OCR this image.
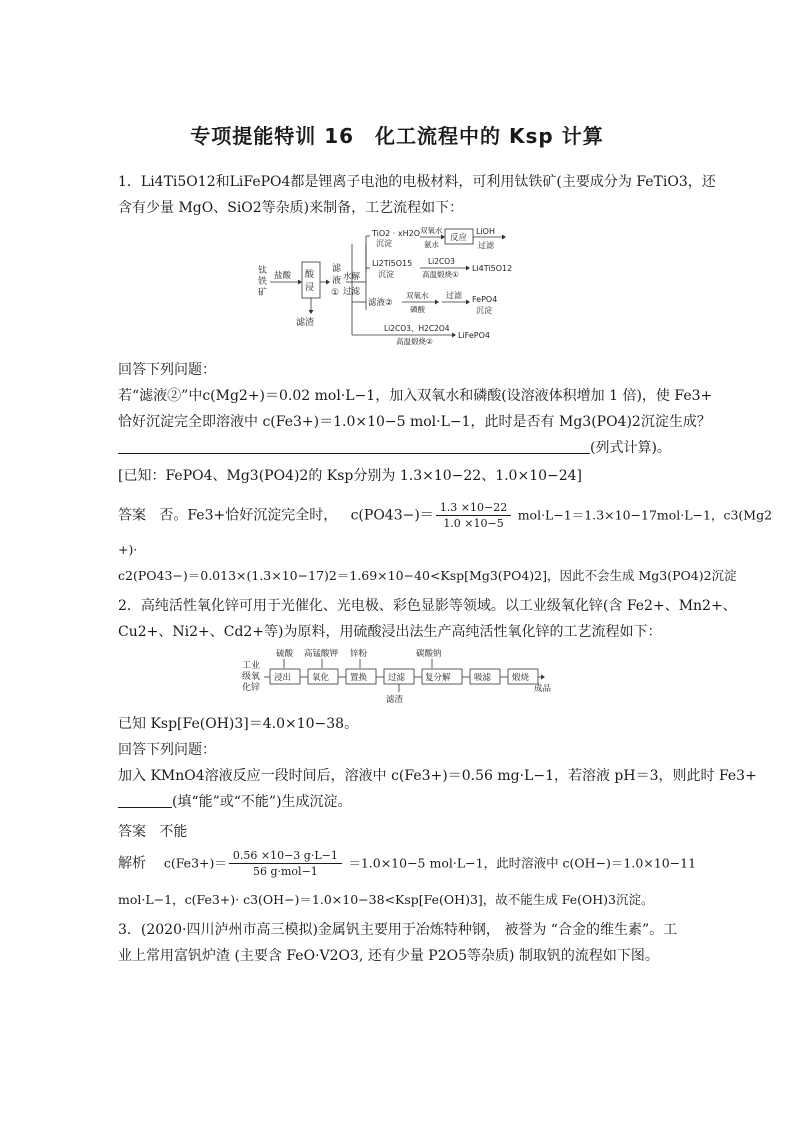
专项提能特训 16　化工流程中的 Ksp 计算
1．Li4Ti5O12和LiFePO4都是锂离子电池的电极材料，可利用钛铁矿(主要成分为 FeTiO3，还
含有少量 MgO、SiO2等杂质)来制备，工艺流程如下：
钛
铁
矿
盐酸 酸
浸
滤渣
滤
液
①
水解
过滤
TiO2 · xH2O
沉淀
双氧水
氨水
反应
LiOH
过滤
Li2Ti5O15
沉淀
Li2CO3
高温煅烧①
Li4Ti5O12
滤液②
双氧水
磷酸
过滤 FePO4
沉淀
Li2CO3、H2C2O4
高温煅烧②
LiFePO4
回答下列问题：
若“滤液②”中c(Mg2+)＝0.02 mol·L−1，加入双氧水和磷酸(设溶液体积增加 1 倍)，使 Fe3+
恰好沉淀完全即溶液中 c(Fe3+)＝1.0×10−5 mol·L−1，此时是否有 Mg3(PO4)2沉淀生成？
(列式计算)。
[已知：FePO4、Mg3(PO4)2的 Ksp分别为 1.3×10−22、1.0×10−24]
答案 否。Fe3+恰好沉淀完全时， $c(PO43-)= \frac{1.3 \times 10-22}{1.0 \times 10-5} mol\cdot L-1=1.3\times 10-17mol\cdot L-1$，c3(Mg2
+)·
c2(PO43−)＝0.013×(1.3×10−17)2＝1.69×10−40<Ksp[Mg3(PO4)2]，因此不会生成 Mg3(PO4)2沉淀
2．高纯活性氧化锌可用于光催化、光电极、彩色显影等领域。以工业级氧化锌(含 Fe2+、Mn2+、
Cu2+、Ni2+、Cd2+等)为原料，用硫酸浸出法生产高纯活性氧化锌的工艺流程如下：
工业
级氧
化锌
硫酸 高锰酸钾 锌粉	碳酸钠
浸出 氧化 置换 过滤
滤渣
复分解	吸滤 煅烧
成品
已知 Ksp[Fe(OH)3]＝4.0×10−38。
回答下列问题：
加入 KMnO4溶液反应一段时间后，溶液中 c(Fe3+)＝0.56 mg·L−1，若溶液 pH＝3，则此时 Fe3+
(填“能”或“不能”)生成沉淀。
答案 不能
解析 $c(Fe3+)= \frac{0.56 \times 10-3 g\cdot L-1}{\text{56 g·mol−1}} =1.0\times 10-5$ mol·L−1，此时溶液中 c(OH−)＝1.0×10−11
mol·L−1，c(Fe3+)· c3(OH−)＝1.0×10−38<Ksp[Fe(OH)3]，故不能生成 Fe(OH)3沉淀。
3．(2020·四川泸州市高三模拟)金属钒主要用于冶炼特种钢， 被誉为 “合金的维生素”。工
业上常用富钒炉渣 (主要含 FeO·V2O3, 还有少量 P2O5等杂质) 制取钒的流程如下图。
